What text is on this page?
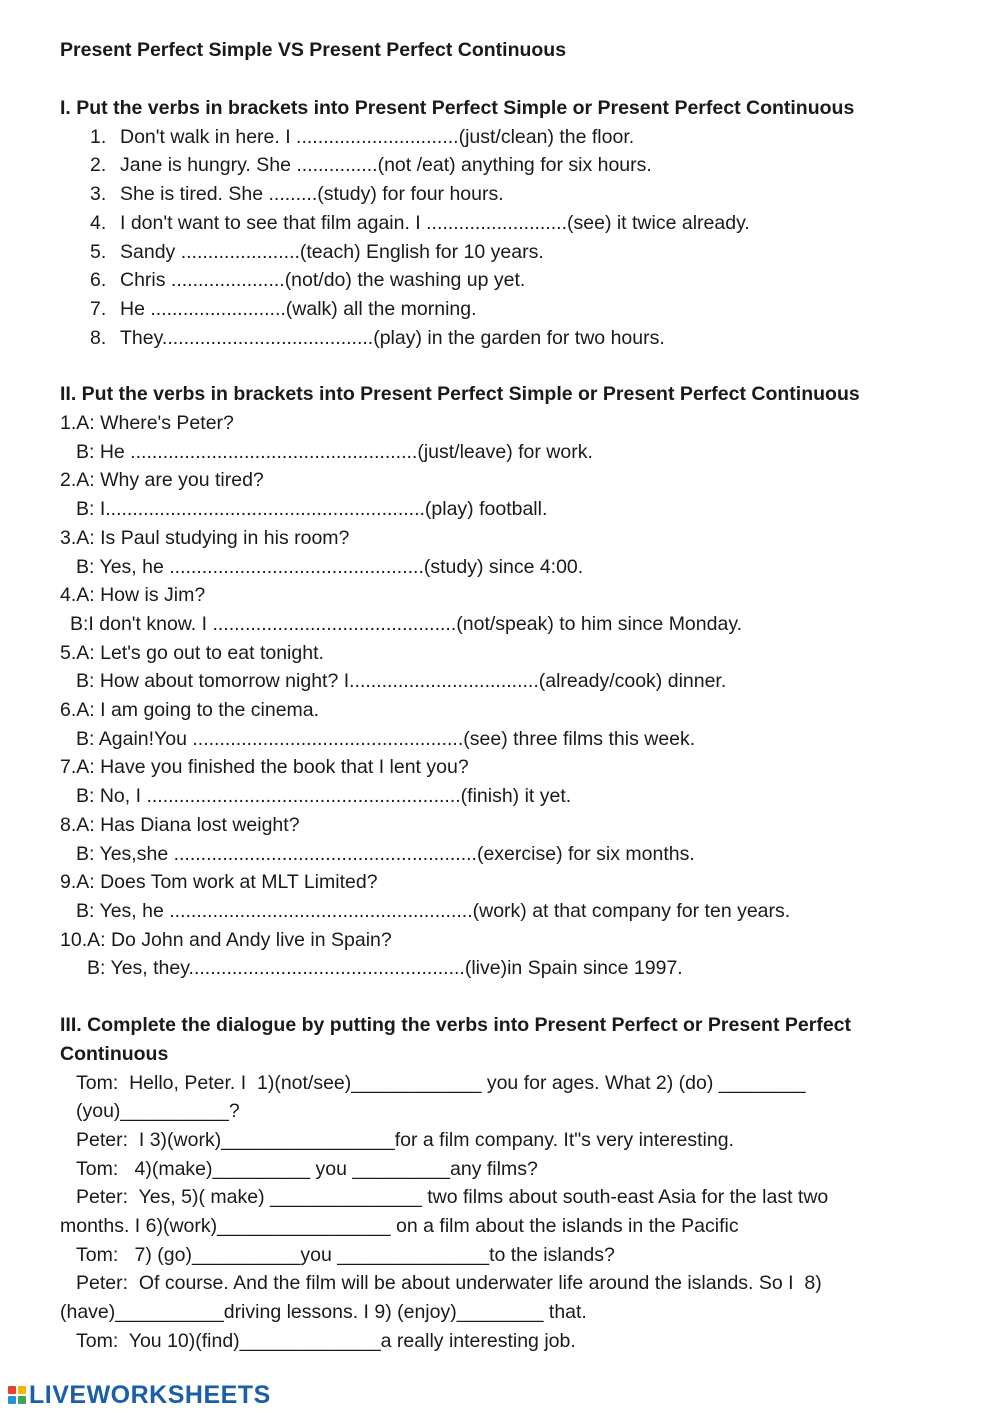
Present Perfect Simple VS Present Perfect Continuous

I. Put the verbs in brackets into Present Perfect Simple or Present Perfect Continuous

1. Don't walk in here. I ..............................(just/clean) the floor.
2. Jane is hungry. She ...............(not /eat) anything for six hours.
3. She is tired. She .........(study) for four hours.
4. I don't want to see that film again. I ..........................(see) it twice already.
5. Sandy ......................(teach) English for 10 years.
6. Chris .....................(not/do) the washing up yet.
7. He .........................(walk) all the morning.
8. They.......................................(play) in the garden for two hours.

II. Put the verbs in brackets into Present Perfect Simple or Present Perfect Continuous

1.A: Where's Peter?

B: He .....................................................(just/leave) for work.

2.A: Why are you tired?

B: I...........................................................(play) football.

3.A: Is Paul studying in his room?

B: Yes, he ...............................................(study) since 4:00.

4.A: How is Jim?

B:I don't know. I .............................................(not/speak) to him since Monday.

5.A: Let's go out to eat tonight.

B: How about tomorrow night? I...................................(already/cook) dinner.

6.A: I am going to the cinema.

B: Again!You ..................................................(see) three films this week.

7.A: Have you finished the book that I lent you?

B: No, I ..........................................................(finish) it yet.

8.A: Has Diana lost weight?

B: Yes,she ........................................................(exercise) for six months.

9.A: Does Tom work at MLT Limited?

B: Yes, he ........................................................(work) at that company for ten years.

10.A: Do John and Andy live in Spain?

B: Yes, they...................................................(live)in Spain since 1997.

III. Complete the dialogue by putting the verbs into Present Perfect or Present Perfect

Continuous

Tom:  Hello, Peter. I  1)(not/see)____________ you for ages. What 2) (do) ________

(you)__________?

Peter:  I 3)(work)________________for a film company. It"s very interesting.

Tom:   4)(make)_________ you _________any films?

Peter:  Yes, 5)( make) ______________ two films about south-east Asia for the last two

months. I 6)(work)________________ on a film about the islands in the Pacific

Tom:   7) (go)__________you ______________to the islands?

Peter:  Of course. And the film will be about underwater life around the islands. So I  8)

(have)__________driving lessons. I 9) (enjoy)________ that.

Tom:  You 10)(find)_____________a really interesting job.

LIVEWORKSHEETS
